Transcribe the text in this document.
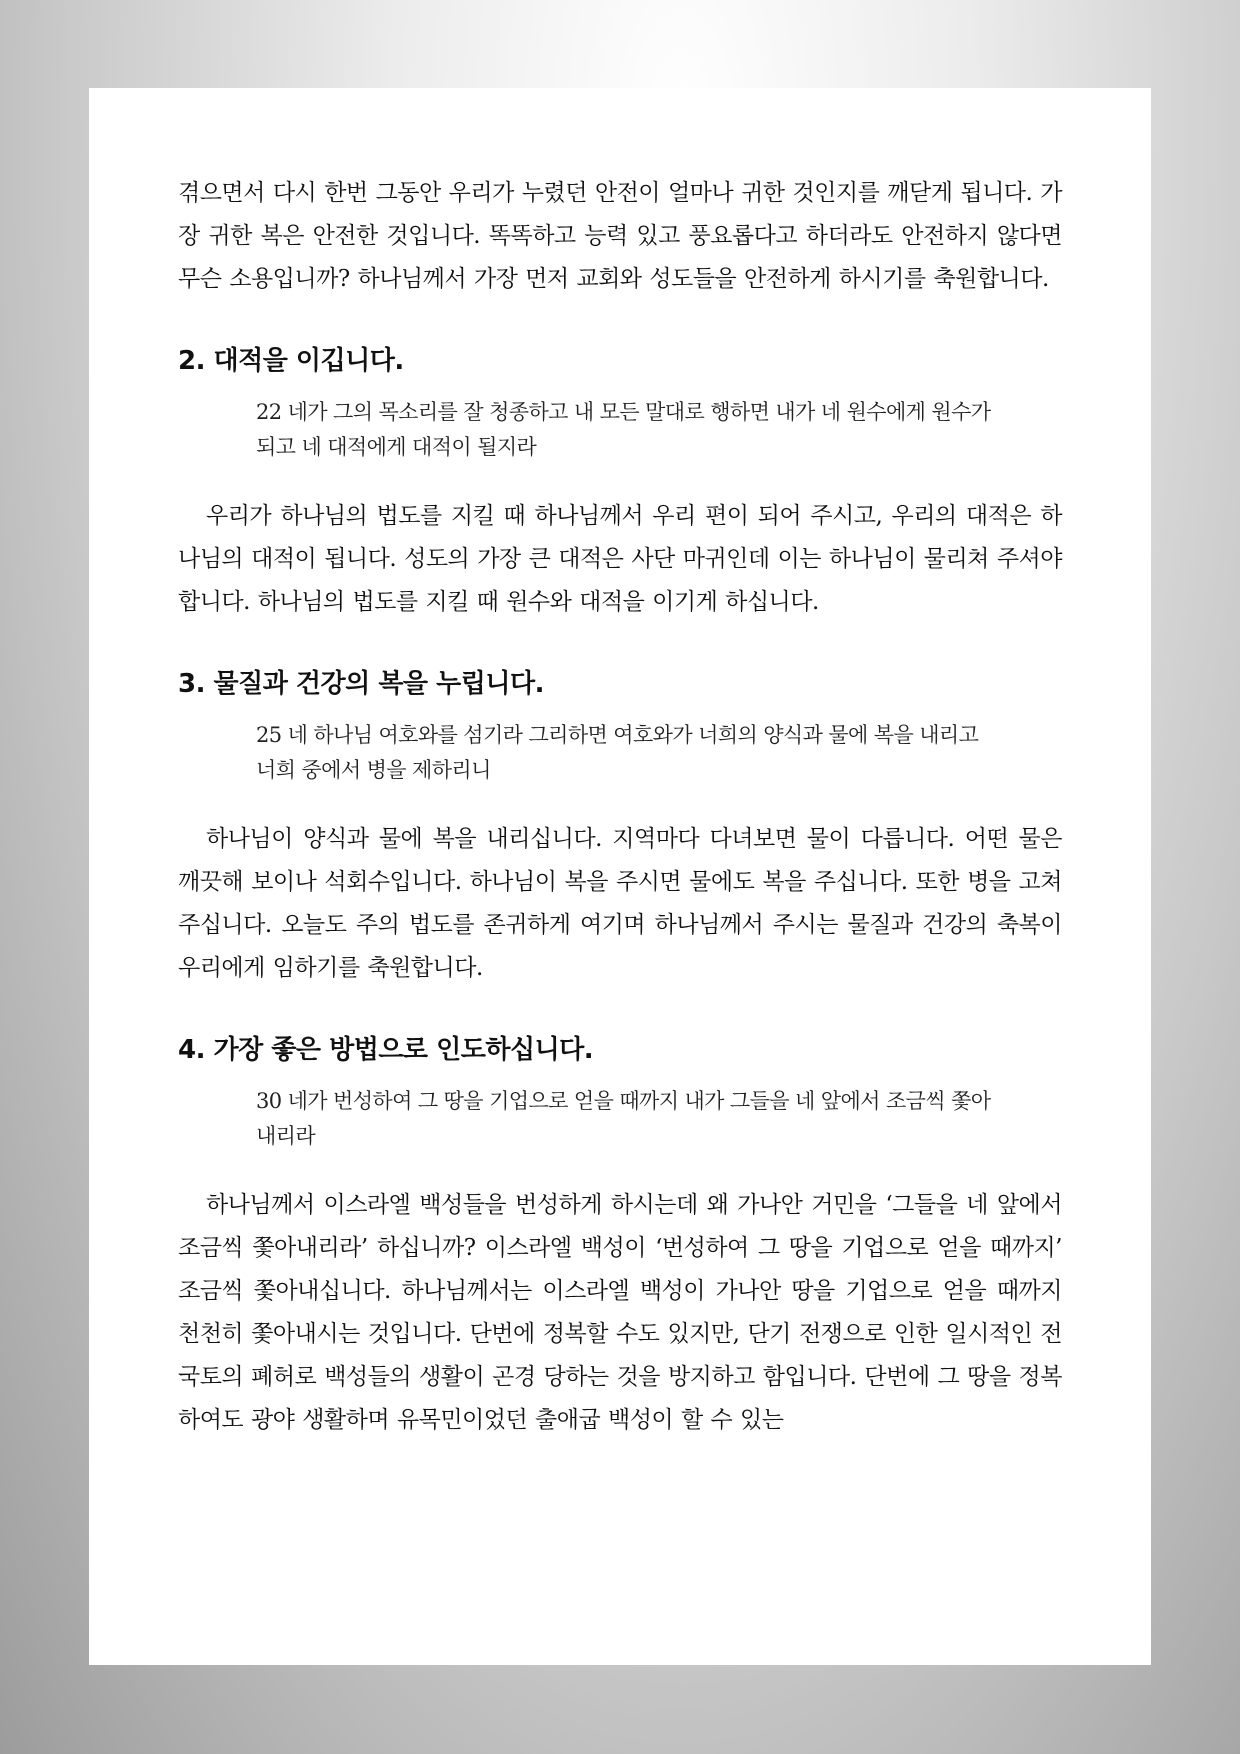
겪으면서 다시 한번 그동안 우리가 누렸던 안전이 얼마나 귀한 것인지를 깨닫게 됩니다. 가장 귀한 복은 안전한 것입니다. 똑똑하고 능력 있고 풍요롭다고 하더라도 안전하지 않다면 무슨 소용입니까? 하나님께서 가장 먼저 교회와 성도들을 안전하게 하시기를 축원합니다.

2. 대적을 이깁니다.

22 네가 그의 목소리를 잘 청종하고 내 모든 말대로 행하면 내가 네 원수에게 원수가 되고 네 대적에게 대적이 될지라

우리가 하나님의 법도를 지킬 때 하나님께서 우리 편이 되어 주시고, 우리의 대적은 하나님의 대적이 됩니다. 성도의 가장 큰 대적은 사단 마귀인데 이는 하나님이 물리쳐 주셔야 합니다. 하나님의 법도를 지킬 때 원수와 대적을 이기게 하십니다.

3. 물질과 건강의 복을 누립니다.

25 네 하나님 여호와를 섬기라 그리하면 여호와가 너희의 양식과 물에 복을 내리고 너희 중에서 병을 제하리니

하나님이 양식과 물에 복을 내리십니다. 지역마다 다녀보면 물이 다릅니다. 어떤 물은 깨끗해 보이나 석회수입니다. 하나님이 복을 주시면 물에도 복을 주십니다. 또한 병을 고쳐 주십니다. 오늘도 주의 법도를 존귀하게 여기며 하나님께서 주시는 물질과 건강의 축복이 우리에게 임하기를 축원합니다.

4. 가장 좋은 방법으로 인도하십니다.

30 네가 번성하여 그 땅을 기업으로 얻을 때까지 내가 그들을 네 앞에서 조금씩 쫓아내리라

하나님께서 이스라엘 백성들을 번성하게 하시는데 왜 가나안 거민을 ‘그들을 네 앞에서 조금씩 쫓아내리라’ 하십니까? 이스라엘 백성이 ‘번성하여 그 땅을 기업으로 얻을 때까지’ 조금씩 쫓아내십니다. 하나님께서는 이스라엘 백성이 가나안 땅을 기업으로 얻을 때까지 천천히 쫓아내시는 것입니다. 단번에 정복할 수도 있지만, 단기 전쟁으로 인한 일시적인 전 국토의 폐허로 백성들의 생활이 곤경 당하는 것을 방지하고 함입니다. 단번에 그 땅을 정복하여도 광야 생활하며 유목민이었던 출애굽 백성이 할 수 있는
